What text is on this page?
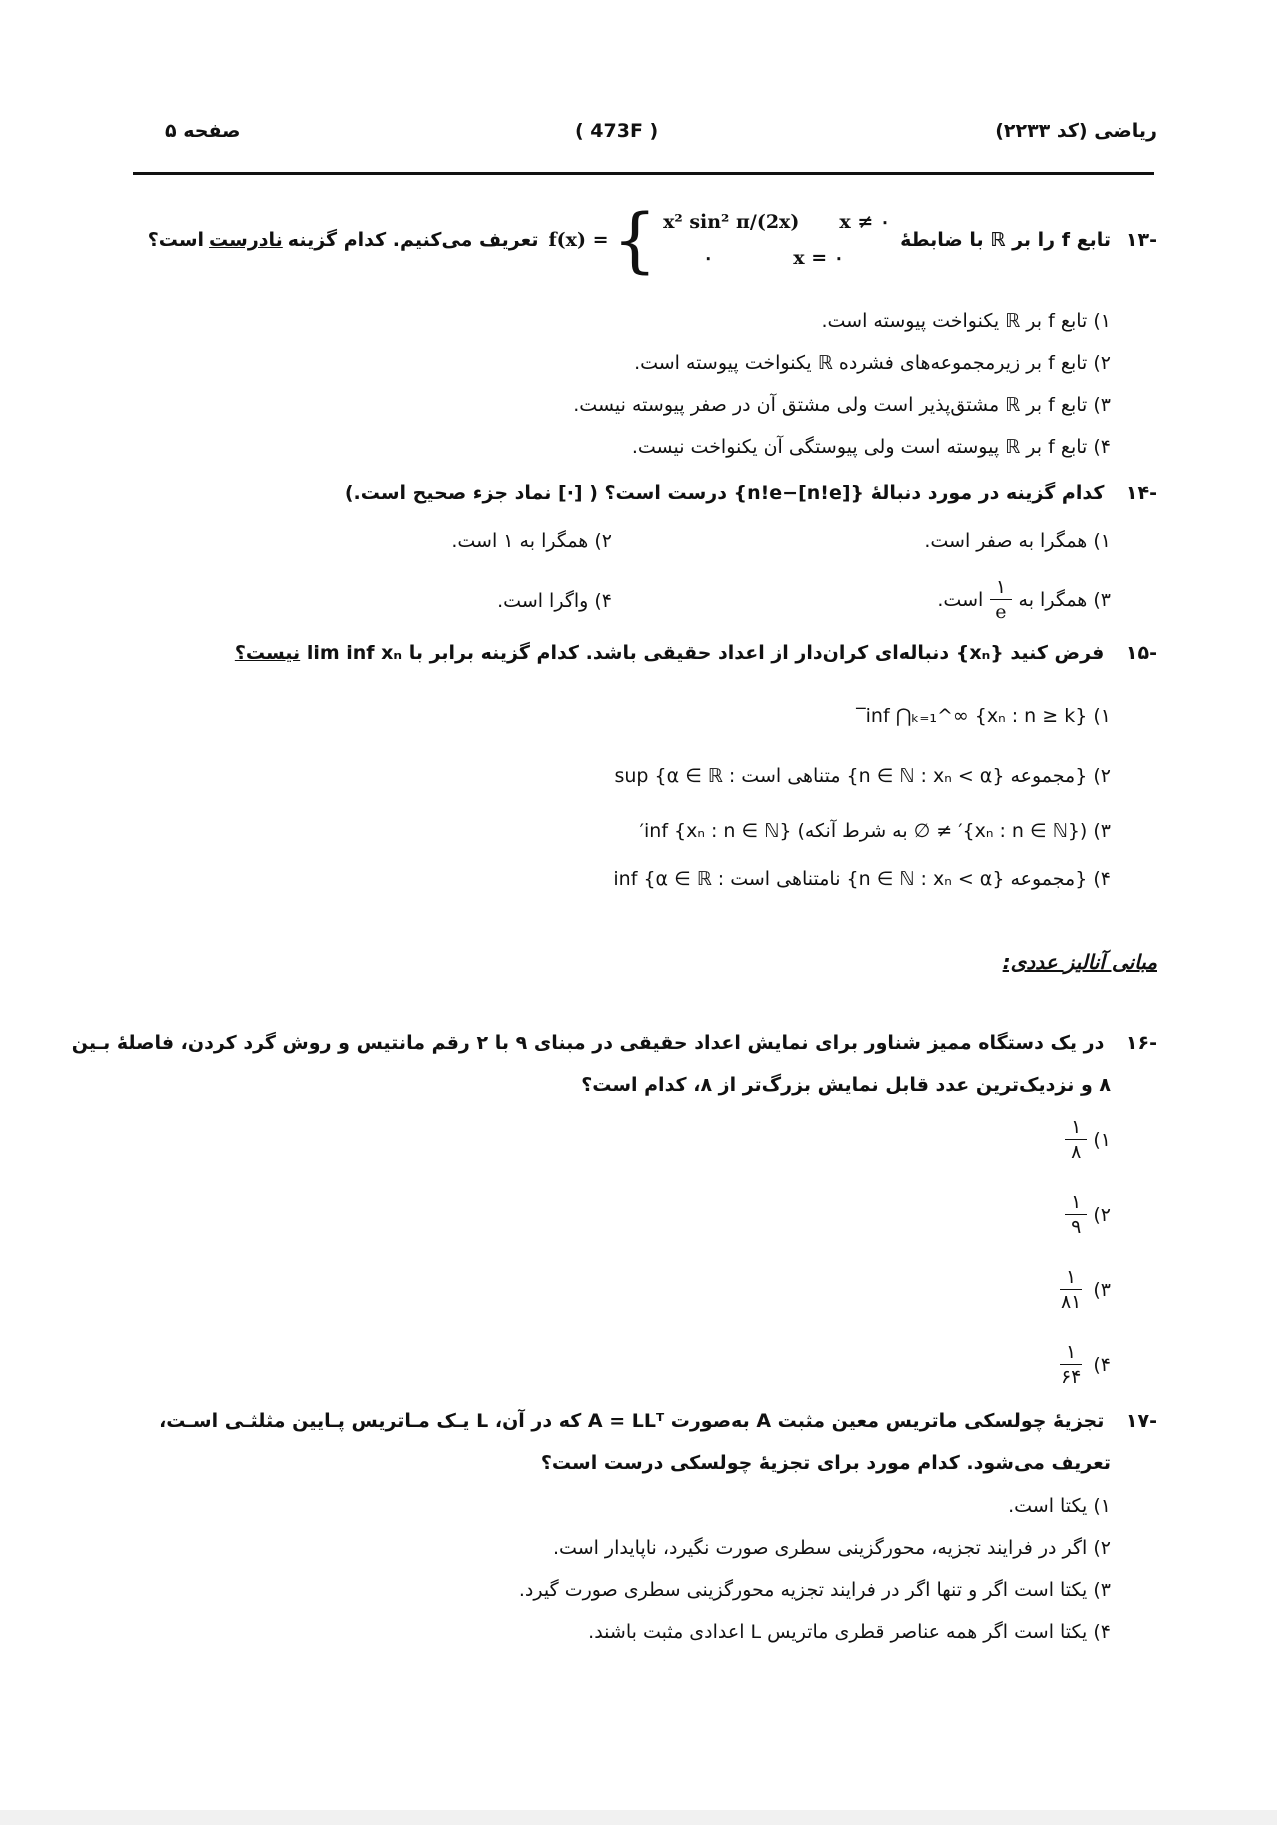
ریاضی (کد ۲۲۳۳)
( 473F )
صفحه ۵
-۱۳
تابع f را بر ℝ با ضابطهٔ
f(x) = { x² sin² π/(2x) x ≠ ۰
۰	x = ۰
تعریف می‌کنیم. کدام گزینه
نادرست
است؟
۱) تابع f بر ℝ یکنواخت پیوسته است.
۲) تابع f بر زیرمجموعه‌های فشرده ℝ یکنواخت پیوسته است.
۳) تابع f بر ℝ مشتق‌پذیر است ولی مشتق آن در صفر پیوسته نیست.
۴) تابع f بر ℝ پیوسته است ولی پیوستگی آن یکنواخت نیست.
-۱۴ کدام گزینه در مورد دنبالهٔ {n!e−[n!e]} درست است؟ ( [·] نماد جزء صحیح است.)
۱) همگرا به صفر است.
۲) همگرا به ۱ است.
۳) همگرا به
$\frac{۱}{e}$
است.
۴) واگرا است.
-۱۵ فرض کنید {xₙ} دنباله‌ای کران‌دار از اعداد حقیقی باشد. کدام گزینه برابر با lim inf xₙ نیست؟
۱) inf ⋂ₖ₌₁^∞ {xₙ : n ≥ k}̅
۲) {مجموعه {n ∈ ℕ : xₙ < α} متناهی است : α ∈ ℝ} sup
۳) ({xₙ : n ∈ ℕ}′ ≠ ∅ به شرط آنکه) inf {xₙ : n ∈ ℕ}′
۴) {مجموعه {n ∈ ℕ : xₙ < α} نامتناهی است : α ∈ ℝ} inf
مبانی آنالیز عددی:
-۱۶ در یک دستگاه ممیز شناور برای نمایش اعداد حقیقی در مبنای ۹ با ۲ رقم مانتیس و روش گرد کردن، فاصلهٔ بـین
۸ و نزدیک‌ترین عدد قابل نمایش بزرگ‌تر از ۸، کدام است؟
۱)
$\frac{۱}{۸}$
۲)
$\frac{۱}{۹}$
۳)
$\frac{۱}{۸۱}$
۴)
$\frac{۱}{۶۴}$
-۱۷ تجزیهٔ چولسکی ماتریس معین مثبت A به‌صورت A = LLᵀ که در آن، L یـک مـاتریس پـایین مثلثـی اسـت،
تعریف می‌شود. کدام مورد برای تجزیهٔ چولسکی درست است؟
۱) یکتا است.
۲) اگر در فرایند تجزیه، محورگزینی سطری صورت نگیرد، ناپایدار است.
۳) یکتا است اگر و تنها اگر در فرایند تجزیه محورگزینی سطری صورت گیرد.
۴) یکتا است اگر همه عناصر قطری ماتریس L اعدادی مثبت باشند.
